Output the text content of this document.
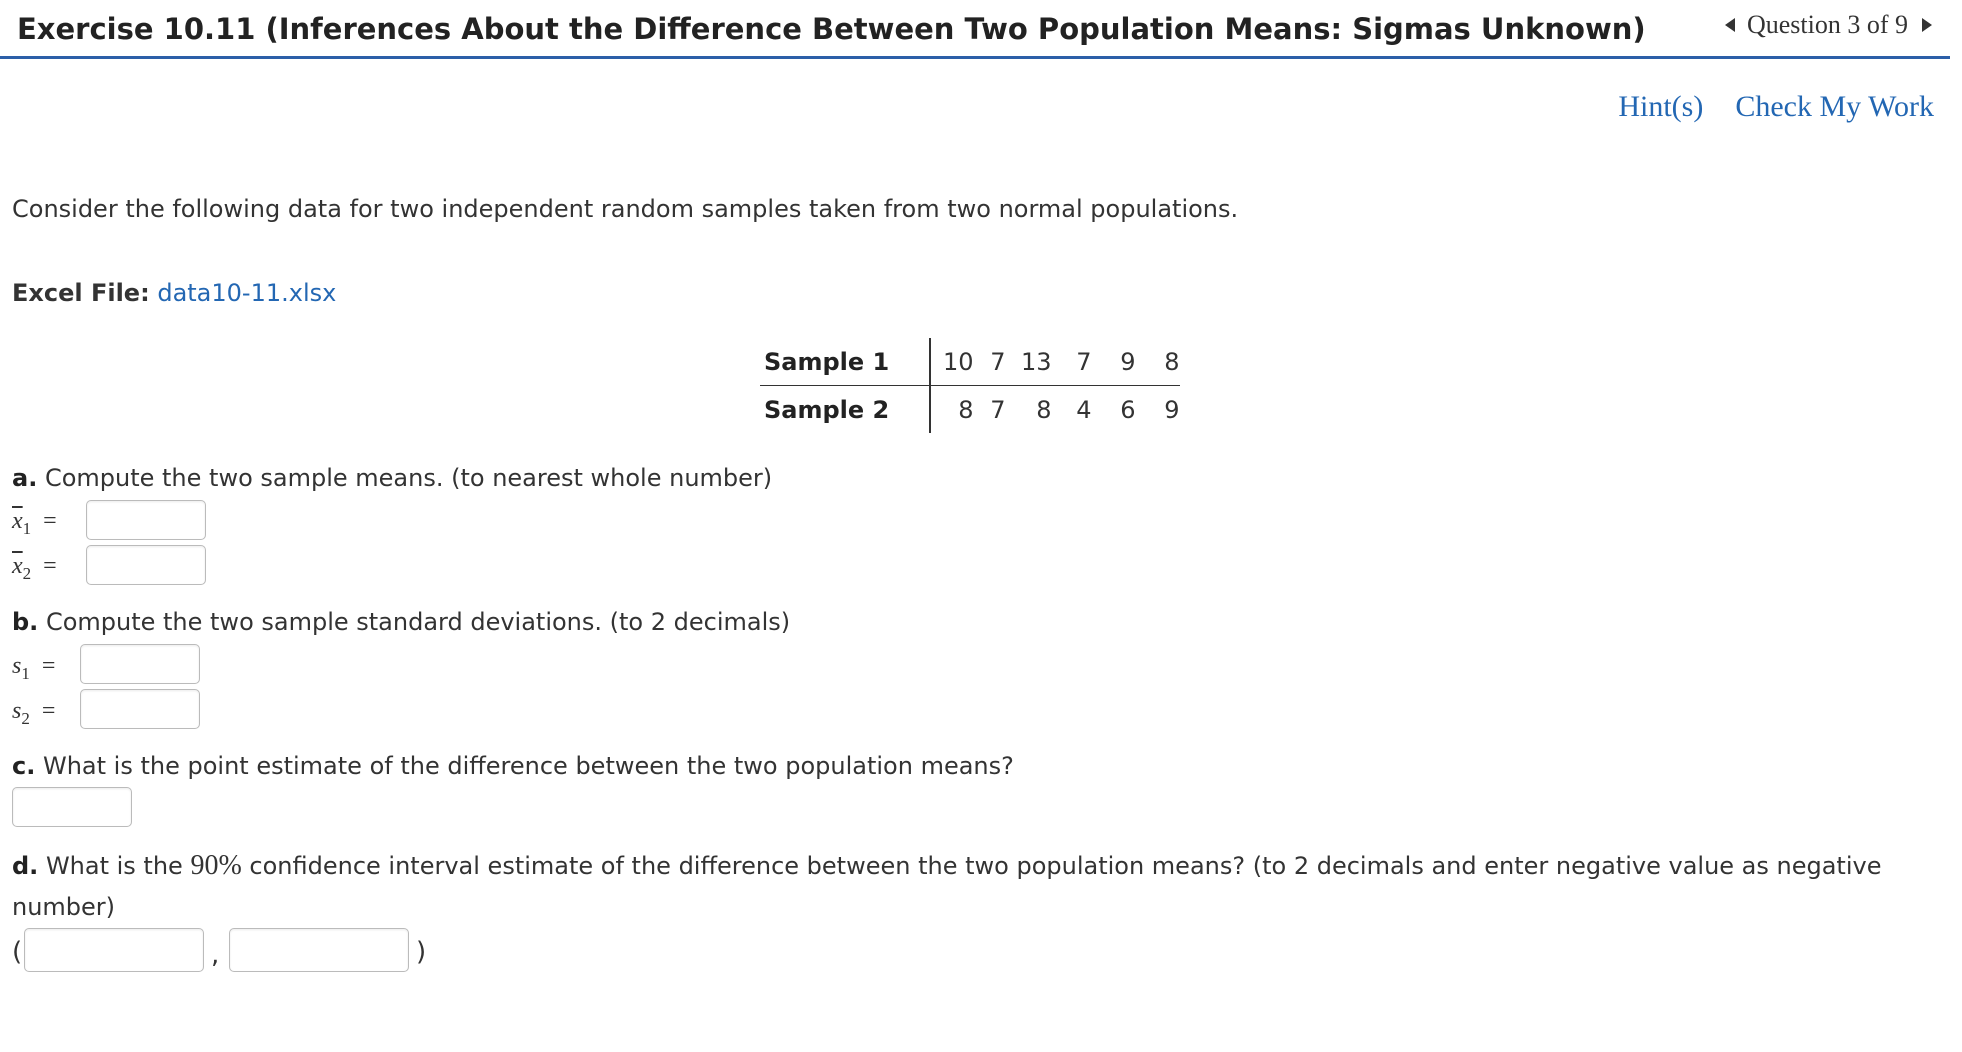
Exercise 10.11 (Inferences About the Difference Between Two Population Means: Sigmas Unknown)	Question 3 of 9
Hint(s) Check My Work
Consider the following data for two independent random samples taken from two normal populations.
Excel File: data10-11.xlsx
Sample 1	10	7	13	7	9	8
Sample 2	8	7	8	4	6	9
a. Compute the two sample means. (to nearest whole number)
$\overline{x}_1$ =
$\overline{x}_2$ =
b. Compute the two sample standard deviations. (to 2 decimals)
$s_1$ =
$s_2$ =
c. What is the point estimate of the difference between the two population means?
d. What is the 90% confidence interval estimate of the difference between the two population means? (to 2 decimals and enter negative value as negative
number)
(	,	)
